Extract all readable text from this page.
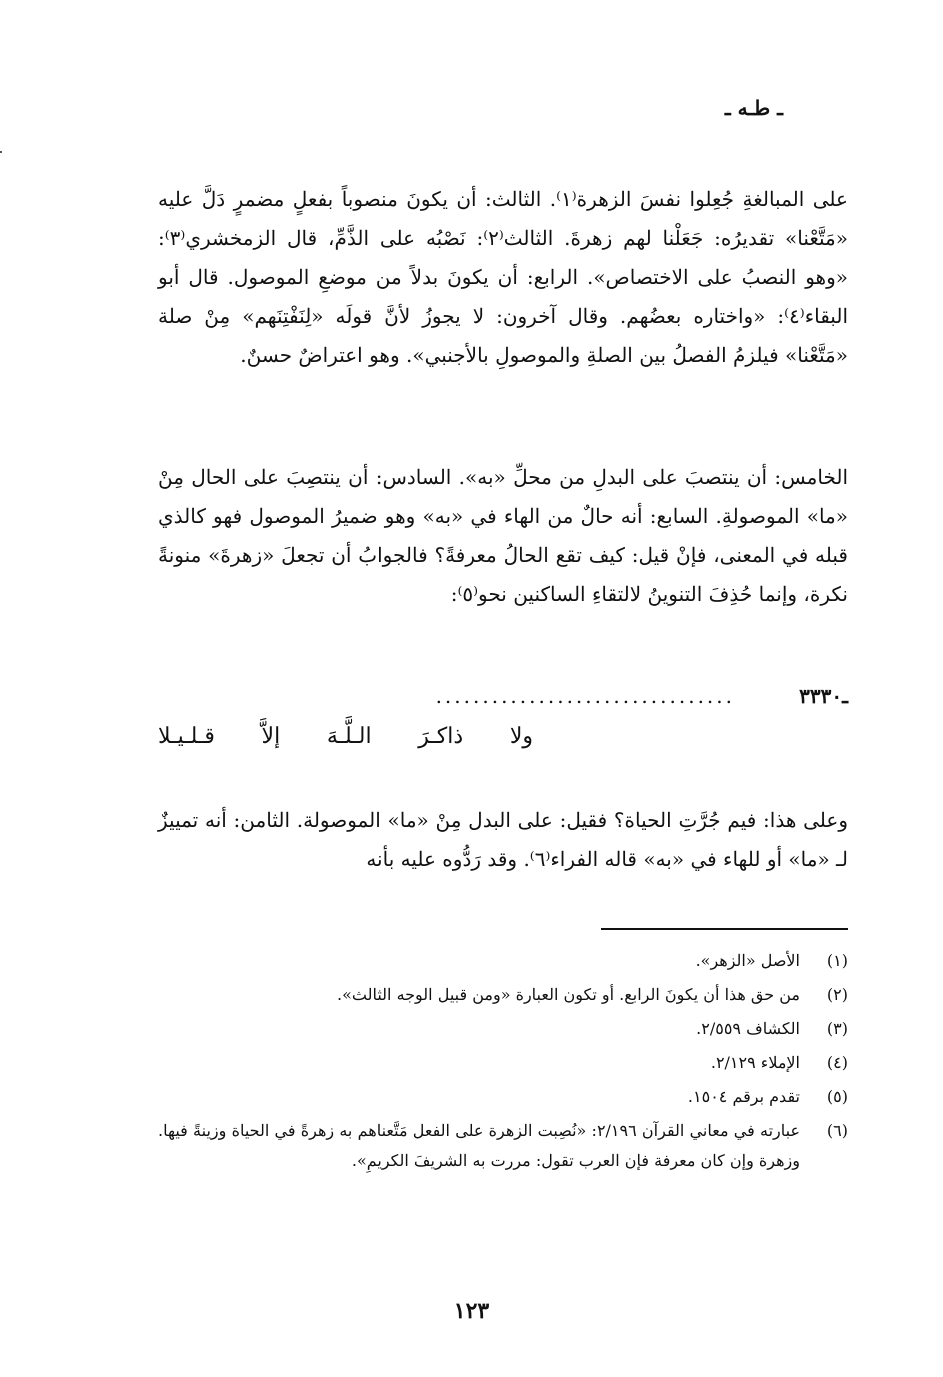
ـ طـه ـ

على المبالغةِ جُعِلوا نفسَ الزهرة⁽١⁾. الثالث: أن يكونَ منصوباً بفعلٍ مضمرٍ دَلَّ عليه «مَتَّعْنا» تقديرُه: جَعَلْنا لهم زهرةَ. الثالث⁽٢⁾: نَصْبُه على الذَّمِّ، قال الزمخشري⁽٣⁾: «وهو النصبُ على الاختصاص». الرابع: أن يكونَ بدلاً من موضعِ الموصول. قال أبو البقاء⁽٤⁾: «واختاره بعضُهم. وقال آخرون: لا يجوزُ لأنَّ قولَه «لِنَفْتِنَهم» مِنْ صلة «مَتَّعْنا» فيلزمُ الفصلُ بين الصلةِ والموصولِ بالأجنبي». وهو اعتراضٌ حسنٌ.

الخامس: أن ينتصبَ على البدلِ من محلِّ «به». السادس: أن ينتصِبَ على الحال مِنْ «ما» الموصولةِ. السابع: أنه حالٌ من الهاء في «به» وهو ضميرُ الموصول فهو كالذي قبله في المعنى، فإنْ قيل: كيف تقع الحالُ معرفةً؟ فالجوابُ أن تجعلَ «زهرةَ» منونةً نكرة، وإنما حُذِفَ التنوينُ لالتقاءِ الساكنين نحو⁽٥⁾:

ـ٣٣٣٠
................................
ولا ذاكـرَ الـلَّـهَ إلاَّ قـلـيـلا

وعلى هذا: فيم جُرَّتِ الحياة؟ فقيل: على البدل مِنْ «ما» الموصولة. الثامن: أنه تمييزٌ لـ «ما» أو للهاء في «به» قاله الفراء⁽٦⁾. وقد رَدُّوه عليه بأنه

(١)
الأصل «الزهر».
(٢)
من حق هذا أن يكونَ الرابع. أو تكون العبارة «ومن قبيل الوجه الثالث».
(٣)
الكشاف ٢/٥٥٩.
(٤)
الإملاء ٢/١٢٩.
(٥)
تقدم برقم ١٥٠٤.
(٦)
عبارته في معاني القرآن ٢/١٩٦: «نُصِبت الزهرة على الفعل مَتَّعناهم به زهرةً في الحياة وزينةً فيها. وزهرة وإن كان معرفة فإن العرب تقول: مررت به الشريفَ الكريمِ».
١٢٣
